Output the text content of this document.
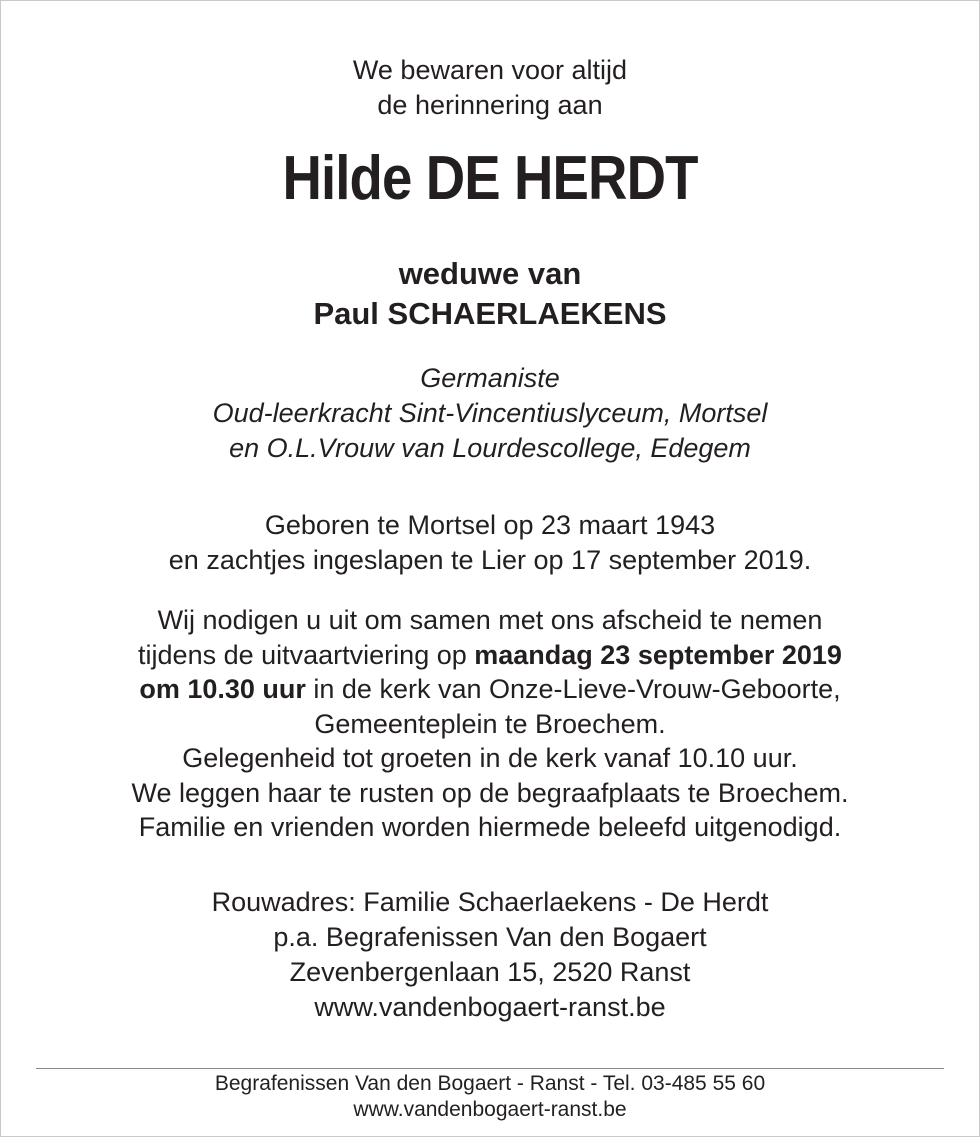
We bewaren voor altijd
de herinnering aan
Hilde DE HERDT
weduwe van
Paul SCHAERLAEKENS
Germaniste
Oud-leerkracht Sint-Vincentiuslyceum, Mortsel
en O.L.Vrouw van Lourdescollege, Edegem
Geboren te Mortsel op 23 maart 1943
en zachtjes ingeslapen te Lier op 17 september 2019.
Wij nodigen u uit om samen met ons afscheid te nemen
tijdens de uitvaartviering op maandag 23 september 2019
om 10.30 uur in de kerk van Onze-Lieve-Vrouw-Geboorte,
Gemeenteplein te Broechem.
Gelegenheid tot groeten in de kerk vanaf 10.10 uur.
We leggen haar te rusten op de begraafplaats te Broechem.
Familie en vrienden worden hiermede beleefd uitgenodigd.
Rouwadres: Familie Schaerlaekens - De Herdt
p.a. Begrafenissen Van den Bogaert
Zevenbergenlaan 15, 2520 Ranst
www.vandenbogaert-ranst.be
Begrafenissen Van den Bogaert - Ranst - Tel. 03-485 55 60
www.vandenbogaert-ranst.be
